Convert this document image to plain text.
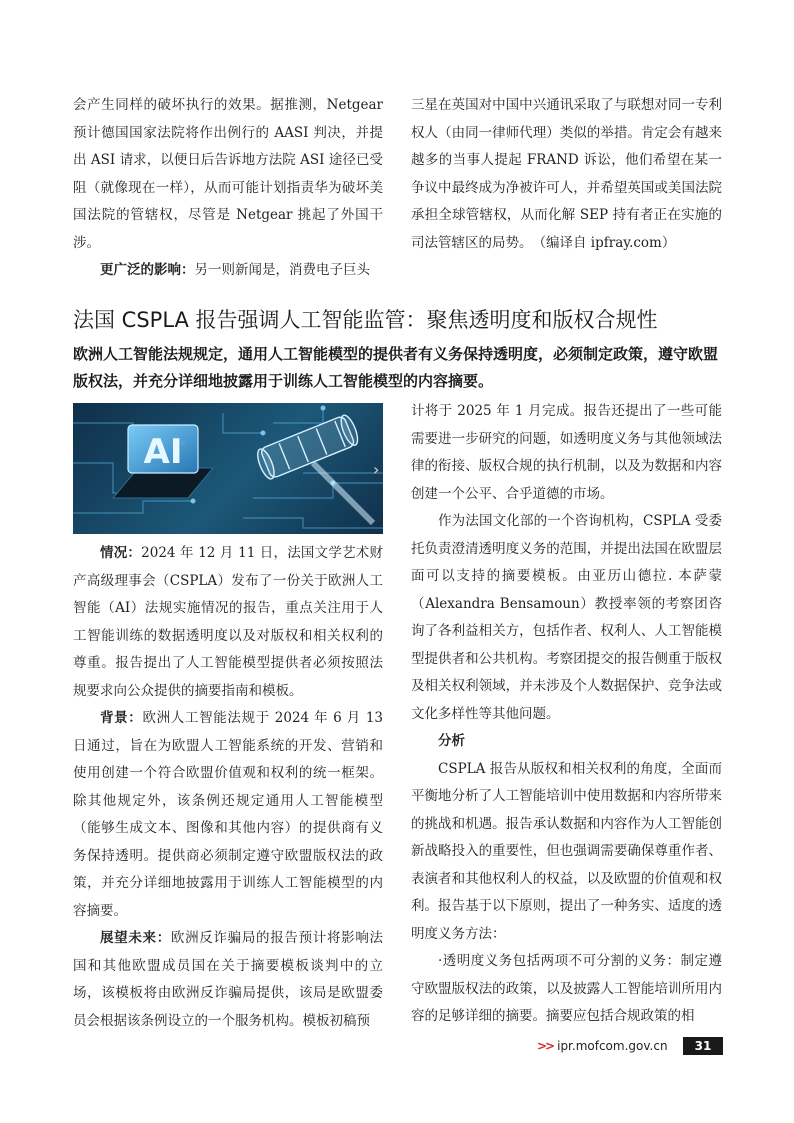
会产生同样的破坏执行的效果。据推测，Netgear 预计德国国家法院将作出例行的 AASI 判决，并提出 ASI 请求，以便日后告诉地方法院 ASI 途径已受阻（就像现在一样），从而可能计划指责华为破坏美国法院的管辖权，尽管是 Netgear 挑起了外国干涉。

更广泛的影响：另一则新闻是，消费电子巨头

三星在英国对中国中兴通讯采取了与联想对同一专利权人（由同一律师代理）类似的举措。肯定会有越来越多的当事人提起 FRAND 诉讼，他们希望在某一争议中最终成为净被许可人，并希望英国或美国法院承担全球管辖权，从而化解 SEP 持有者正在实施的司法管辖区的局势。　（编译自 ipfray.com）

法国 CSPLA 报告强调人工智能监管：聚焦透明度和版权合规性

欧洲人工智能法规规定，通用人工智能模型的提供者有义务保持透明度，必须制定政策，遵守欧盟版权法，并充分详细地披露用于训练人工智能模型的内容摘要。

AI	›

情况：2024 年 12 月 11 日，法国文学艺术财产高级理事会（CSPLA）发布了一份关于欧洲人工智能（AI）法规实施情况的报告，重点关注用于人工智能训练的数据透明度以及对版权和相关权利的尊重。报告提出了人工智能模型提供者必须按照法规要求向公众提供的摘要指南和模板。

背景：欧洲人工智能法规于 2024 年 6 月 13 日通过，旨在为欧盟人工智能系统的开发、营销和使用创建一个符合欧盟价值观和权利的统一框架。除其他规定外，该条例还规定通用人工智能模型（能够生成文本、图像和其他内容）的提供商有义务保持透明。提供商必须制定遵守欧盟版权法的政策，并充分详细地披露用于训练人工智能模型的内容摘要。

展望未来：欧洲反诈骗局的报告预计将影响法国和其他欧盟成员国在关于摘要模板谈判中的立场，该模板将由欧洲反诈骗局提供，该局是欧盟委员会根据该条例设立的一个服务机构。模板初稿预

计将于 2025 年 1 月完成。报告还提出了一些可能需要进一步研究的问题，如透明度义务与其他领域法律的衔接、版权合规的执行机制，以及为数据和内容创建一个公平、合乎道德的市场。

作为法国文化部的一个咨询机构，CSPLA 受委托负责澄清透明度义务的范围，并提出法国在欧盟层面可以支持的摘要模板。由亚历山德拉. 本萨蒙（Alexandra Bensamoun）教授率领的考察团咨询了各利益相关方，包括作者、权利人、人工智能模型提供者和公共机构。考察团提交的报告侧重于版权及相关权利领域，并未涉及个人数据保护、竞争法或文化多样性等其他问题。

分析

CSPLA 报告从版权和相关权利的角度，全面而平衡地分析了人工智能培训中使用数据和内容所带来的挑战和机遇。报告承认数据和内容作为人工智能创新战略投入的重要性，但也强调需要确保尊重作者、表演者和其他权利人的权益，以及欧盟的价值观和权利。报告基于以下原则，提出了一种务实、适度的透明度义务方法：

·透明度义务包括两项不可分割的义务：制定遵守欧盟版权法的政策，以及披露人工智能培训所用内容的足够详细的摘要。摘要应包括合规政策的相

>> ipr.mofcom.gov.cn	31
